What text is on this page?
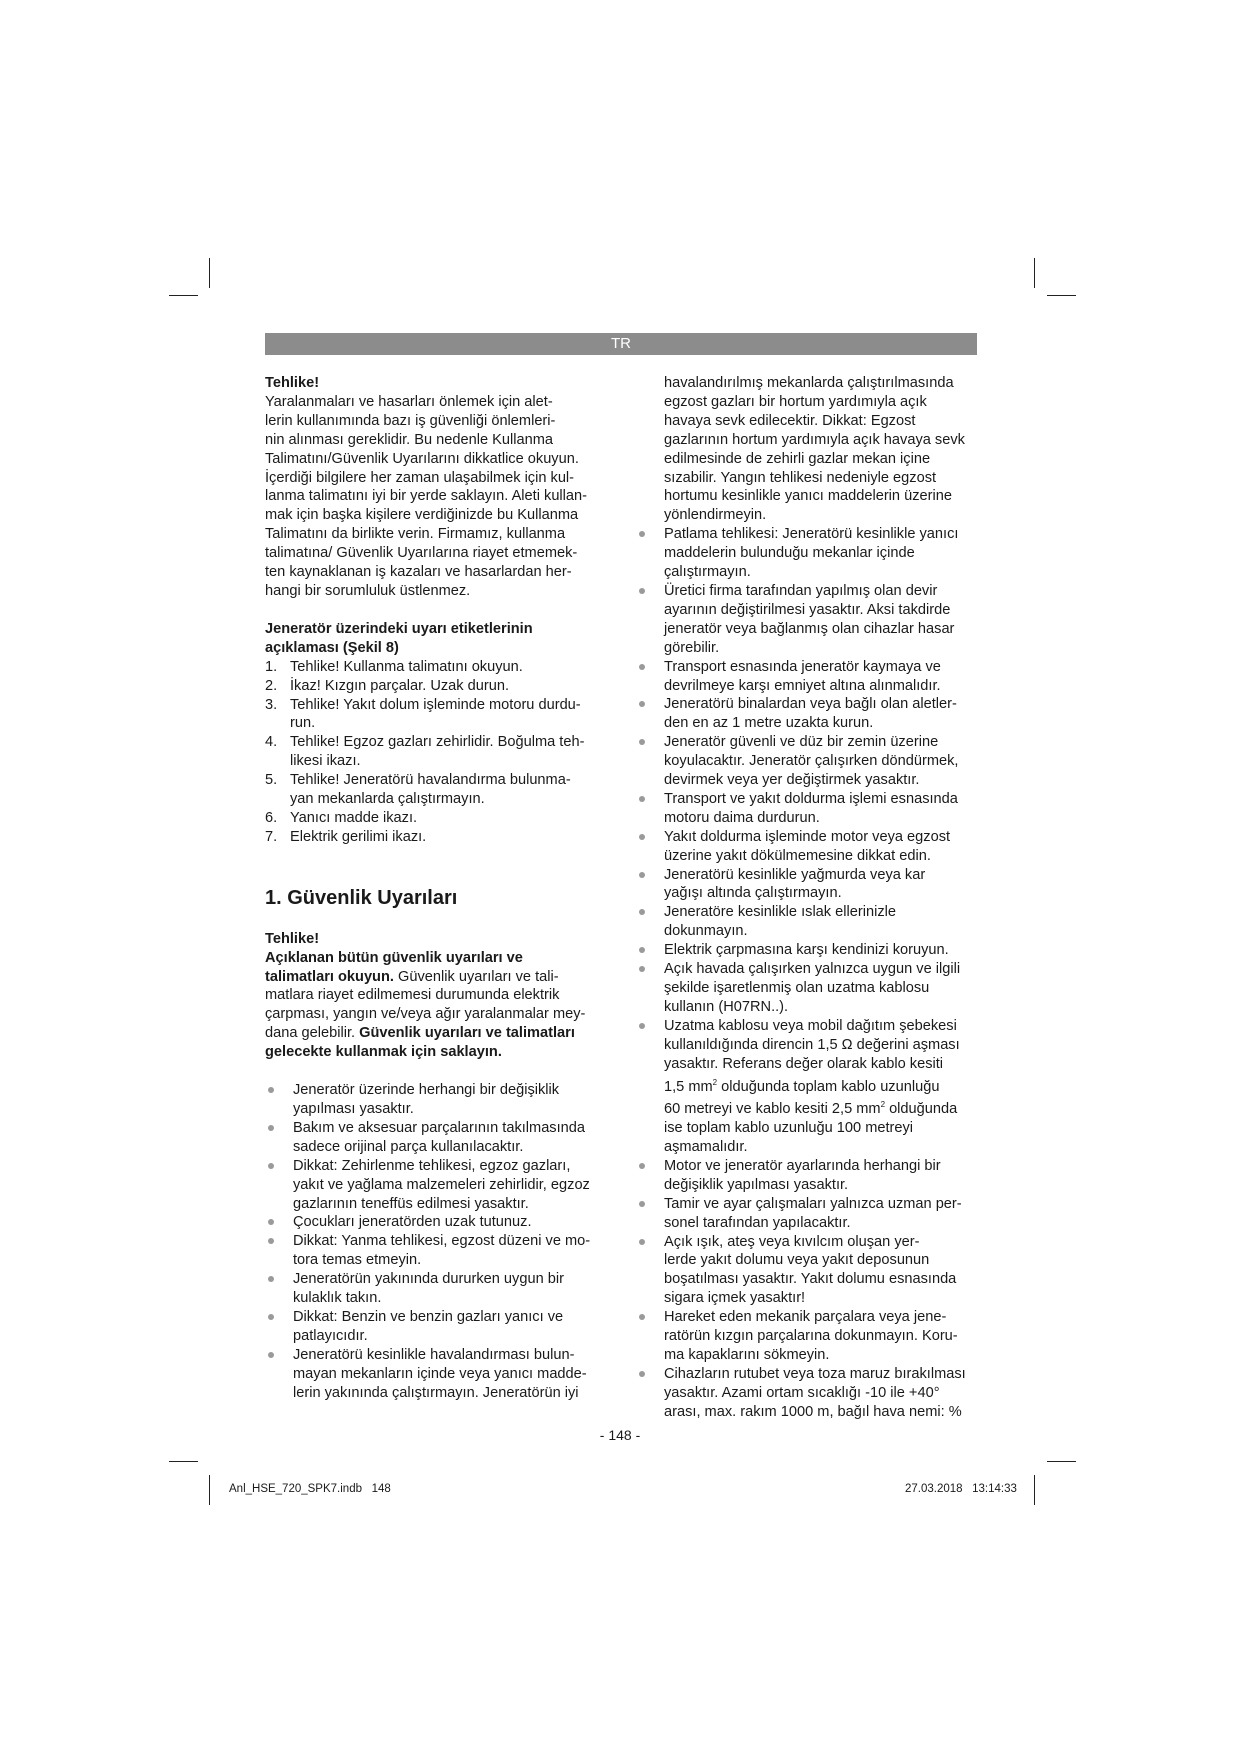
TR

Tehlike!

Yaralanmaları ve hasarları önlemek için alet-

lerin kullanımında bazı iş güvenliği önlemleri-

nin alınması gereklidir. Bu nedenle Kullanma

Talimatını/Güvenlik Uyarılarını dikkatlice okuyun.

İçerdiği bilgilere her zaman ulaşabilmek için kul-

lanma talimatını iyi bir yerde saklayın. Aleti kullan-

mak için başka kişilere verdiğinizde bu Kullanma

Talimatını da birlikte verin. Firmamız, kullanma

talimatına/ Güvenlik Uyarılarına riayet etmemek-

ten kaynaklanan iş kazaları ve hasarlardan her-

hangi bir sorumluluk üstlenmez.

Jeneratör üzerindeki uyarı etiketlerinin

açıklaması (Şekil 8)

1. Tehlike! Kullanma talimatını okuyun.
2. İkaz! Kızgın parçalar. Uzak durun.
3. Tehlike! Yakıt dolum işleminde motoru durdu-
run.
4. Tehlike! Egzoz gazları zehirlidir. Boğulma teh-
likesi ikazı.
5. Tehlike! Jeneratörü havalandırma bulunma-
yan mekanlarda çalıştırmayın.
6. Yanıcı madde ikazı.
7. Elektrik gerilimi ikazı.
1. Güvenlik Uyarıları

Tehlike!

Açıklanan bütün güvenlik uyarıları ve

talimatları okuyun. Güvenlik uyarıları ve tali-

matlara riayet edilmemesi durumunda elektrik

çarpması, yangın ve/veya ağır yaralanmalar mey-

dana gelebilir. Güvenlik uyarıları ve talimatları

gelecekte kullanmak için saklayın.

Jeneratör üzerinde herhangi bir değişiklik
yapılması yasaktır.
Bakım ve aksesuar parçalarının takılmasında
sadece orijinal parça kullanılacaktır.
Dikkat: Zehirlenme tehlikesi, egzoz gazları,
yakıt ve yağlama malzemeleri zehirlidir, egzoz
gazlarının teneffüs edilmesi yasaktır.
Çocukları jeneratörden uzak tutunuz.
Dikkat: Yanma tehlikesi, egzost düzeni ve mo-
tora temas etmeyin.
Jeneratörün yakınında dururken uygun bir
kulaklık takın.
Dikkat: Benzin ve benzin gazları yanıcı ve
patlayıcıdır.
Jeneratörü kesinlikle havalandırması bulun-
mayan mekanların içinde veya yanıcı madde-
lerin yakınında çalıştırmayın. Jeneratörün iyi

havalandırılmış mekanlarda çalıştırılmasında

egzost gazları bir hortum yardımıyla açık

havaya sevk edilecektir. Dikkat: Egzost

gazlarının hortum yardımıyla açık havaya sevk

edilmesinde de zehirli gazlar mekan içine

sızabilir. Yangın tehlikesi nedeniyle egzost

hortumu kesinlikle yanıcı maddelerin üzerine

yönlendirmeyin.

Patlama tehlikesi: Jeneratörü kesinlikle yanıcı
maddelerin bulunduğu mekanlar içinde
çalıştırmayın.
Üretici firma tarafından yapılmış olan devir
ayarının değiştirilmesi yasaktır. Aksi takdirde
jeneratör veya bağlanmış olan cihazlar hasar
görebilir.
Transport esnasında jeneratör kaymaya ve
devrilmeye karşı emniyet altına alınmalıdır.
Jeneratörü binalardan veya bağlı olan aletler-
den en az 1 metre uzakta kurun.
Jeneratör güvenli ve düz bir zemin üzerine
koyulacaktır. Jeneratör çalışırken döndürmek,
devirmek veya yer değiştirmek yasaktır.
Transport ve yakıt doldurma işlemi esnasında
motoru daima durdurun.
Yakıt doldurma işleminde motor veya egzost
üzerine yakıt dökülmemesine dikkat edin.
Jeneratörü kesinlikle yağmurda veya kar
yağışı altında çalıştırmayın.
Jeneratöre kesinlikle ıslak ellerinizle
dokunmayın.
Elektrik çarpmasına karşı kendinizi koruyun.
Açık havada çalışırken yalnızca uygun ve ilgili
şekilde işaretlenmiş olan uzatma kablosu
kullanın (H07RN..).
Uzatma kablosu veya mobil dağıtım şebekesi
kullanıldığında direncin 1,5 Ω değerini aşması
yasaktır. Referans değer olarak kablo kesiti
1,5 $mm^2$ olduğunda toplam kablo uzunluğu
60 metreyi ve kablo kesiti 2,5 $mm^2$ olduğunda
ise toplam kablo uzunluğu 100 metreyi
aşmamalıdır.
Motor ve jeneratör ayarlarında herhangi bir
değişiklik yapılması yasaktır.
Tamir ve ayar çalışmaları yalnızca uzman per-
sonel tarafından yapılacaktır.
Açık ışık, ateş veya kıvılcım oluşan yer-
lerde yakıt dolumu veya yakıt deposunun
boşatılması yasaktır. Yakıt dolumu esnasında
sigara içmek yasaktır!
Hareket eden mekanik parçalara veya jene-
ratörün kızgın parçalarına dokunmayın. Koru-
ma kapaklarını sökmeyin.
Cihazların rutubet veya toza maruz bırakılması
yasaktır. Azami ortam sıcaklığı -10 ile +40°
arası, max. rakım 1000 m, bağıl hava nemi: %
- 148 -
Anl_HSE_720_SPK7.indb   148	27.03.2018   13:14:33
